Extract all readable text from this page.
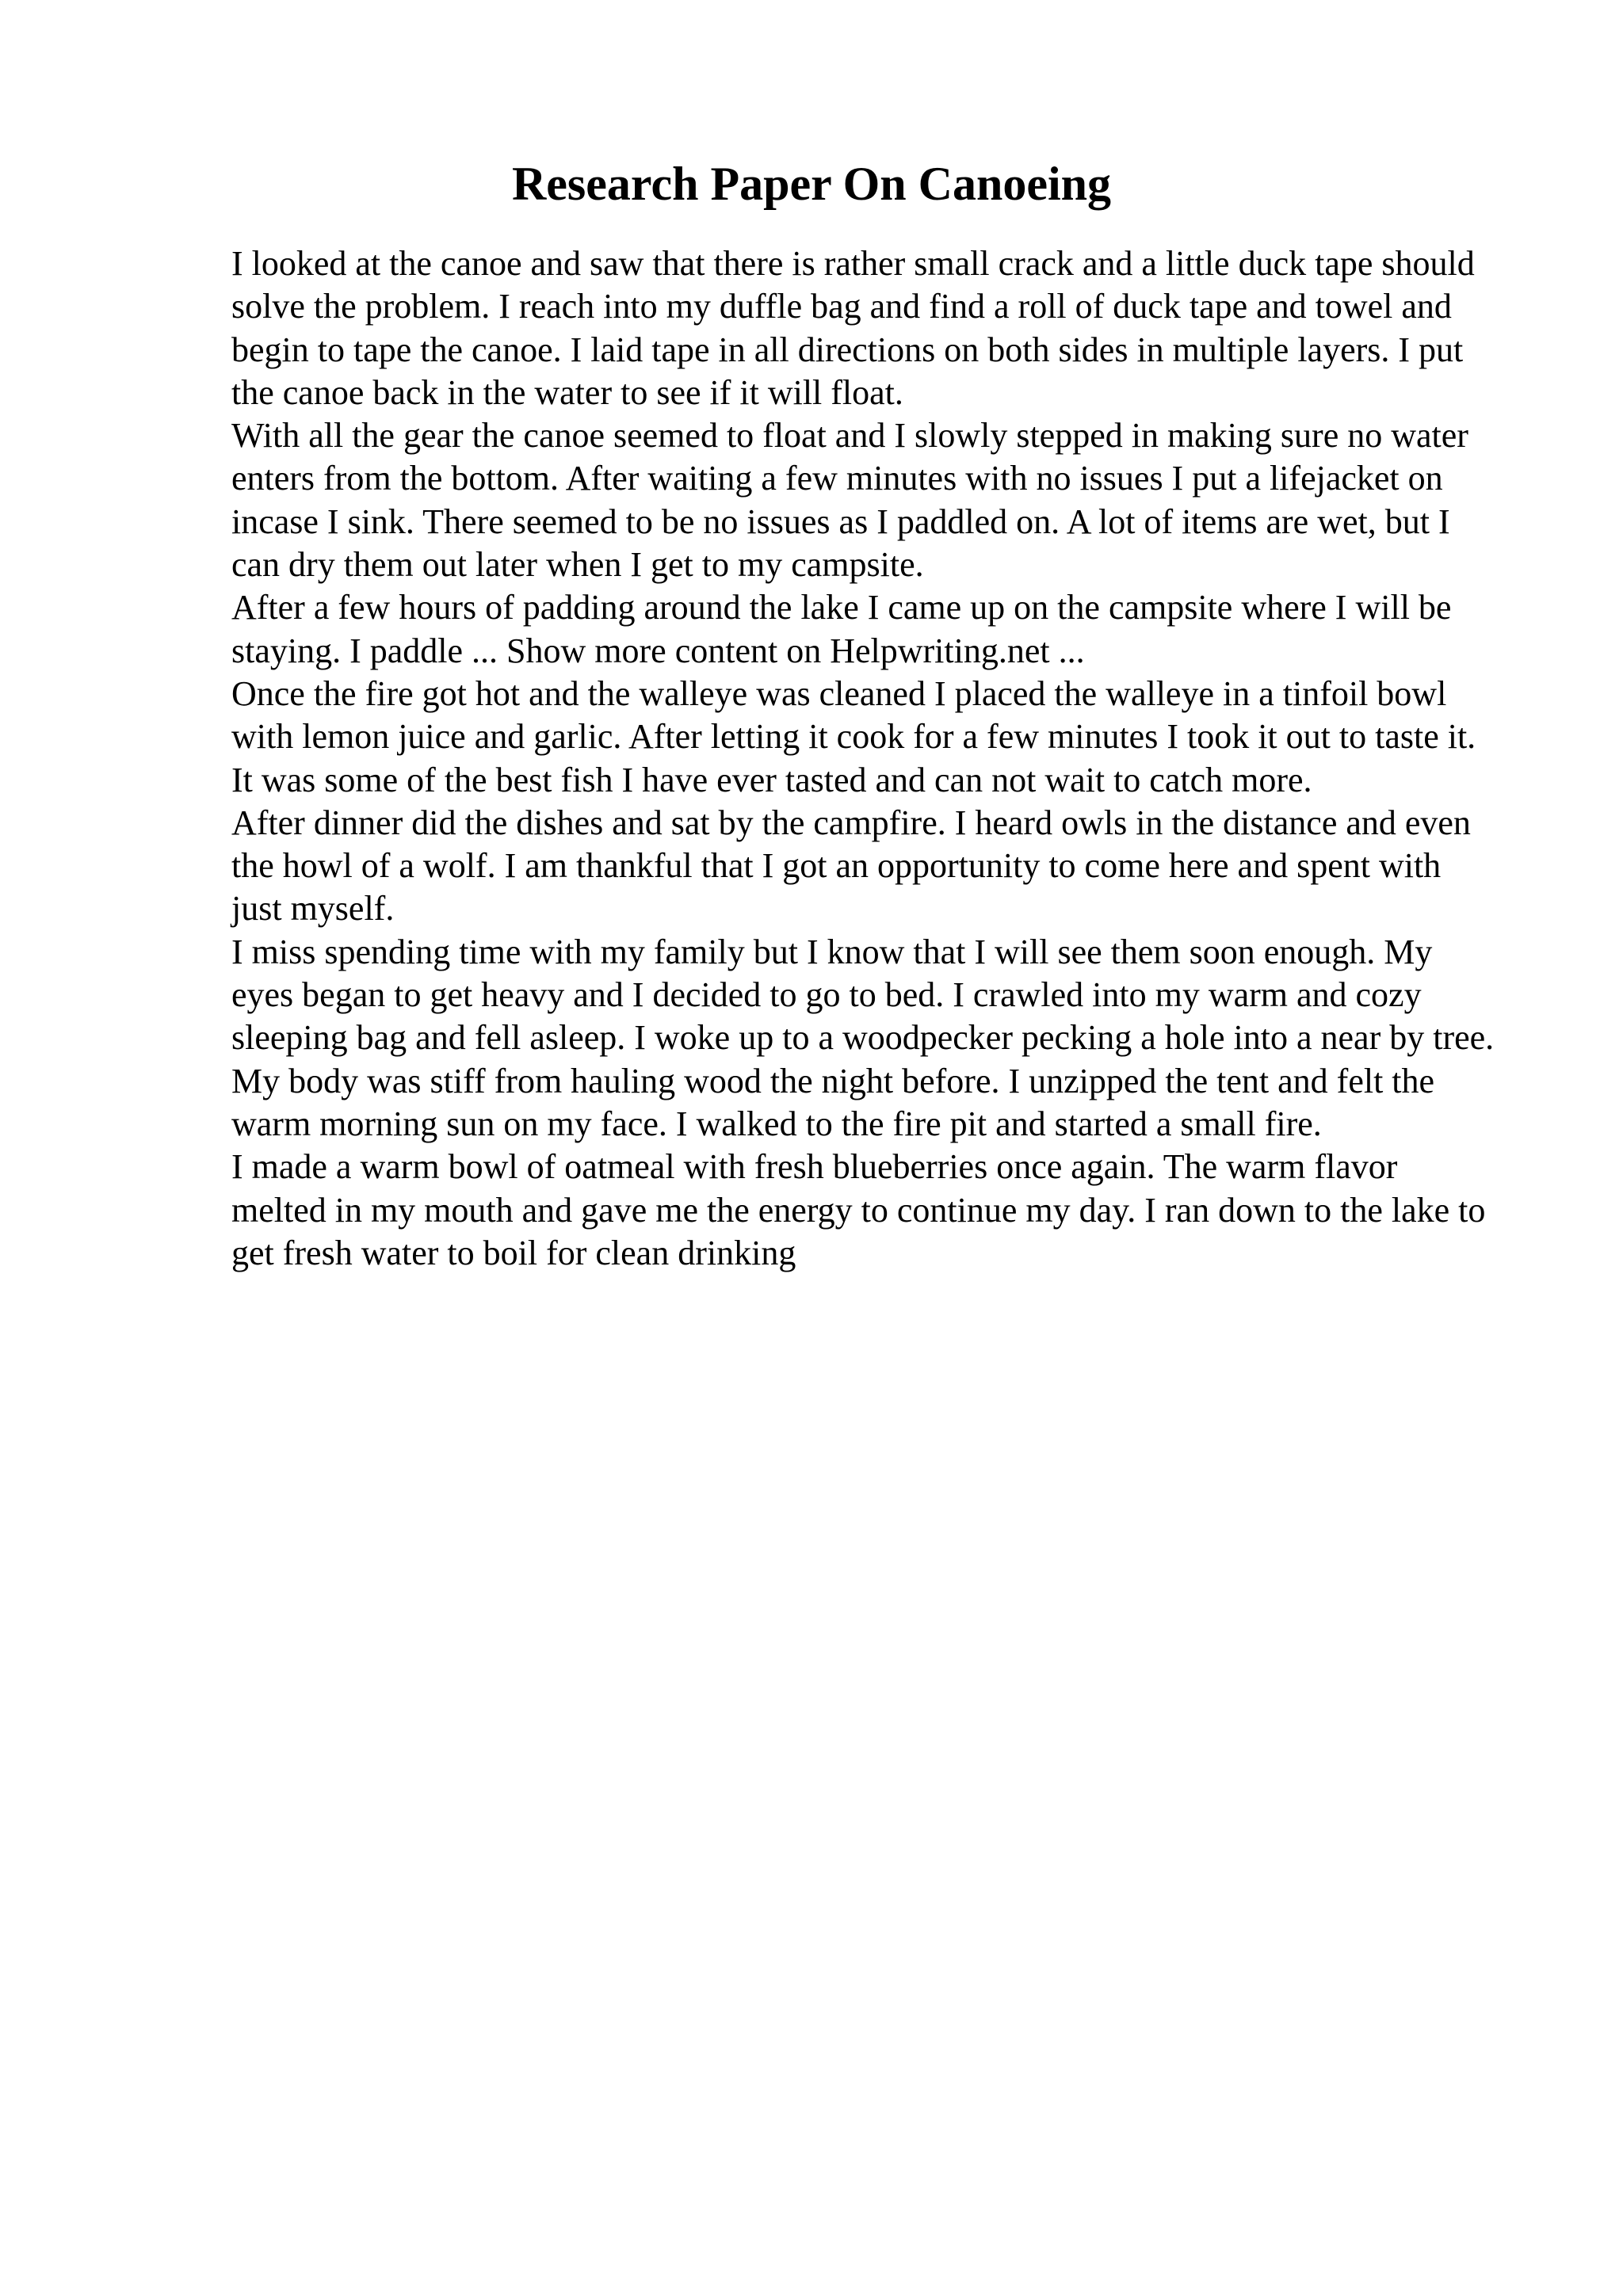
Research Paper On Canoeing

I looked at the canoe and saw that there is rather small crack and a little duck tape should solve the problem. I reach into my duffle bag and find a roll of duck tape and towel and begin to tape the canoe. I laid tape in all directions on both sides in multiple layers. I put the canoe back in the water to see if it will float.

With all the gear the canoe seemed to float and I slowly stepped in making sure no water enters from the bottom. After waiting a few minutes with no issues I put a lifejacket on incase I sink. There seemed to be no issues as I paddled on. A lot of items are wet, but I can dry them out later when I get to my campsite.

After a few hours of padding around the lake I came up on the campsite where I will be staying. I paddle ... Show more content on Helpwriting.net ...

Once the fire got hot and the walleye was cleaned I placed the walleye in a tinfoil bowl with lemon juice and garlic. After letting it cook for a few minutes I took it out to taste it. It was some of the best fish I have ever tasted and can not wait to catch more.

After dinner did the dishes and sat by the campfire. I heard owls in the distance and even the howl of a wolf. I am thankful that I got an opportunity to come here and spent with just myself.

I miss spending time with my family but I know that I will see them soon enough. My eyes began to get heavy and I decided to go to bed. I crawled into my warm and cozy sleeping bag and fell asleep. I woke up to a woodpecker pecking a hole into a near by tree. My body was stiff from hauling wood the night before. I unzipped the tent and felt the warm morning sun on my face. I walked to the fire pit and started a small fire.

I made a warm bowl of oatmeal with fresh blueberries once again. The warm flavor melted in my mouth and gave me the energy to continue my day. I ran down to the lake to get fresh water to boil for clean drinking
